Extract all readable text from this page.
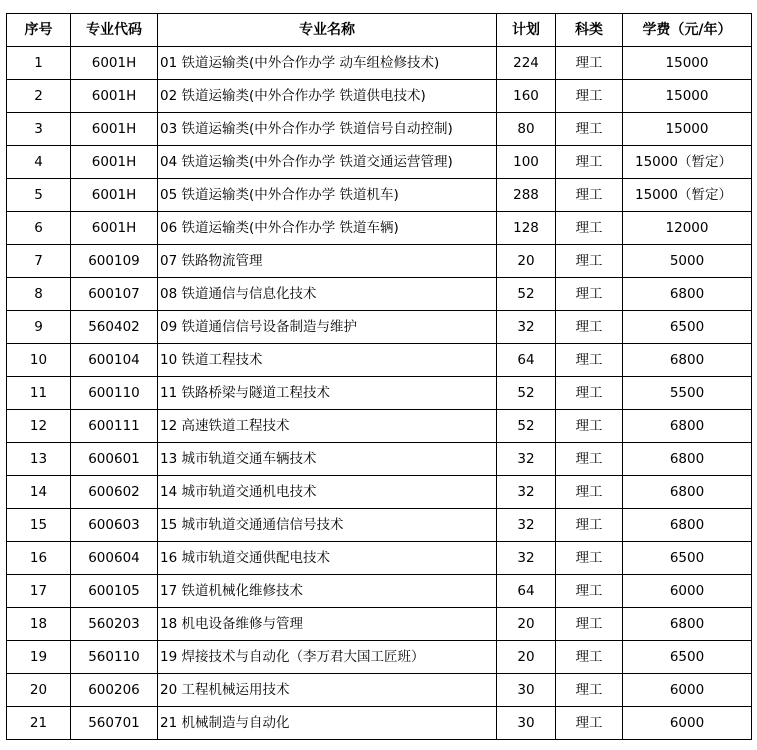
序号	专业代码	专业名称	计划	科类	学费（元/年）
1	6001H	01 铁道运输类(中外合作办学 动车组检修技术)	224	理工	15000
2	6001H	02 铁道运输类(中外合作办学 铁道供电技术)	160	理工	15000
3	6001H	03 铁道运输类(中外合作办学 铁道信号自动控制)	80	理工	15000
4	6001H	04 铁道运输类(中外合作办学 铁道交通运营管理)	100	理工	15000（暂定）
5	6001H	05 铁道运输类(中外合作办学 铁道机车)	288	理工	15000（暂定）
6	6001H	06 铁道运输类(中外合作办学 铁道车辆)	128	理工	12000
7	600109	07 铁路物流管理	20	理工	5000
8	600107	08 铁道通信与信息化技术	52	理工	6800
9	560402	09 铁道通信信号设备制造与维护	32	理工	6500
10	600104	10 铁道工程技术	64	理工	6800
11	600110	11 铁路桥梁与隧道工程技术	52	理工	5500
12	600111	12 高速铁道工程技术	52	理工	6800
13	600601	13 城市轨道交通车辆技术	32	理工	6800
14	600602	14 城市轨道交通机电技术	32	理工	6800
15	600603	15 城市轨道交通通信信号技术	32	理工	6800
16	600604	16 城市轨道交通供配电技术	32	理工	6500
17	600105	17 铁道机械化维修技术	64	理工	6000
18	560203	18 机电设备维修与管理	20	理工	6800
19	560110	19 焊接技术与自动化（李万君大国工匠班）	20	理工	6500
20	600206	20 工程机械运用技术	30	理工	6000
21	560701	21 机械制造与自动化	30	理工	6000
